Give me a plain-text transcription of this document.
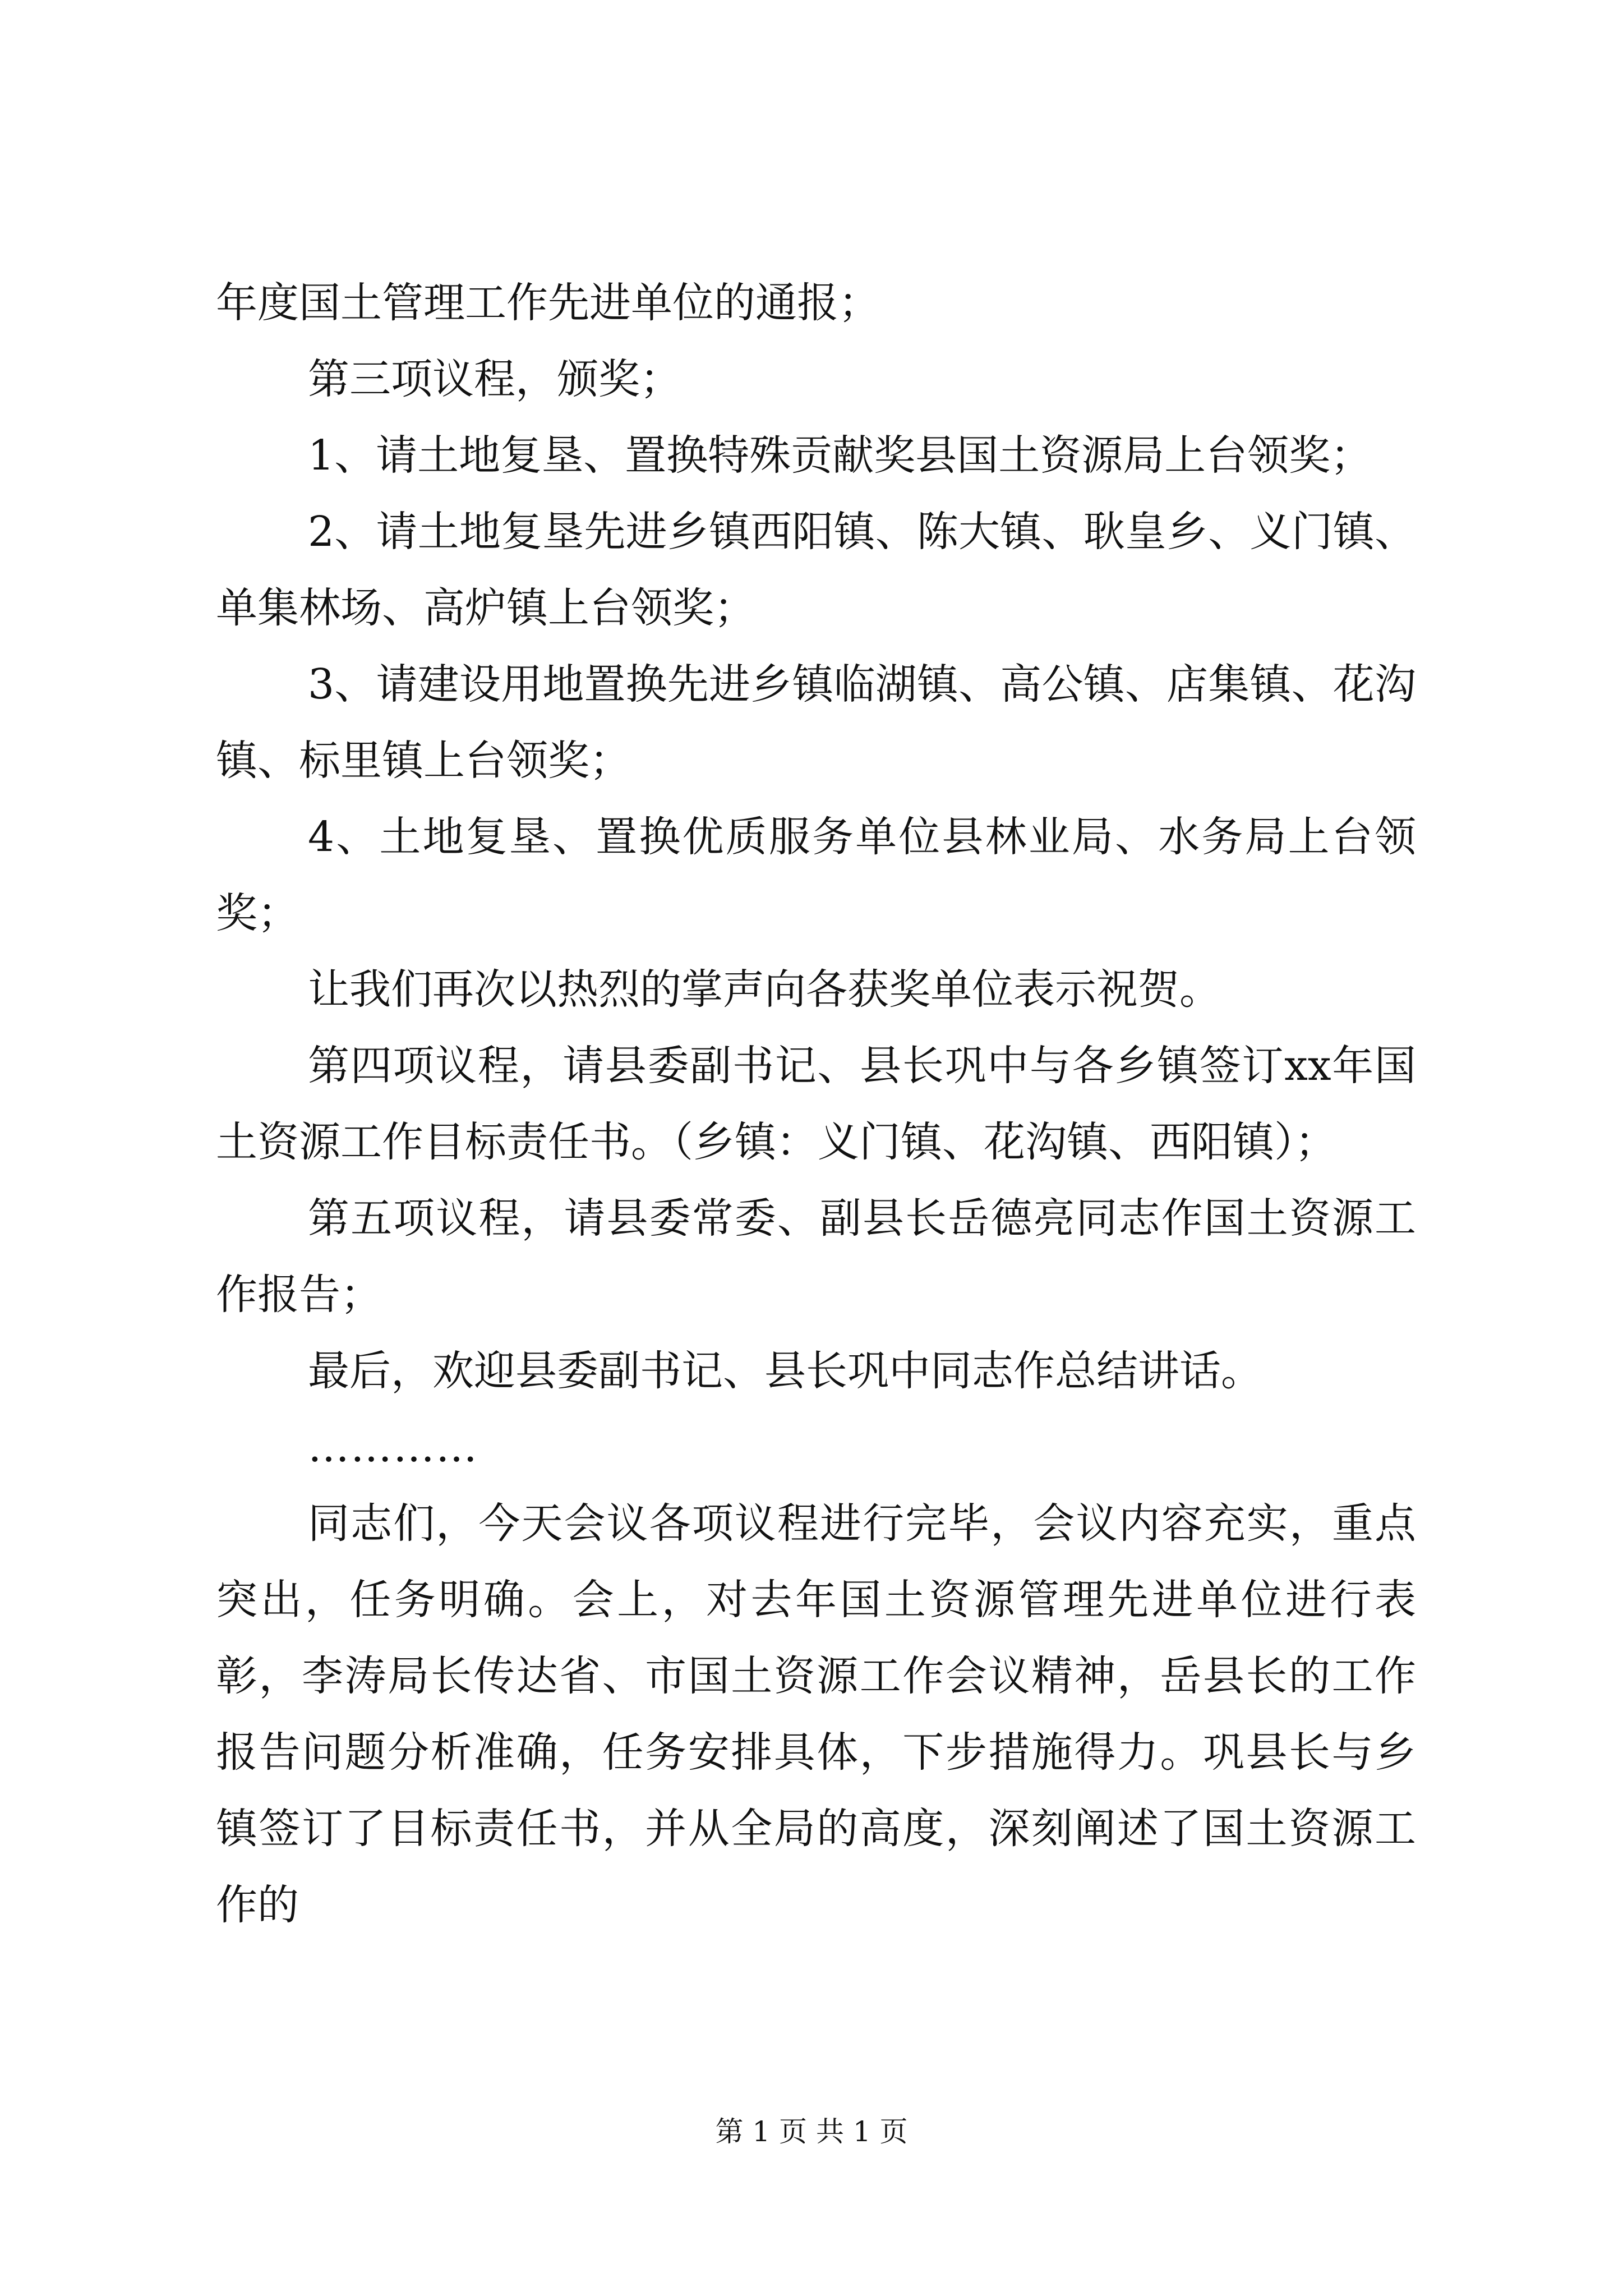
年度国土管理工作先进单位的通报；

第三项议程，颁奖；

1、请土地复垦、置换特殊贡献奖县国土资源局上台领奖；

2、请土地复垦先进乡镇西阳镇、陈大镇、耿皇乡、义门镇、单集林场、高炉镇上台领奖；

3、请建设用地置换先进乡镇临湖镇、高公镇、店集镇、花沟镇、标里镇上台领奖；

4、土地复垦、置换优质服务单位县林业局、水务局上台领奖；

让我们再次以热烈的掌声向各获奖单位表示祝贺。

第四项议程，请县委副书记、县长巩中与各乡镇签订xx年国土资源工作目标责任书。（乡镇：义门镇、花沟镇、西阳镇）；

第五项议程，请县委常委、副县长岳德亮同志作国土资源工作报告；

最后，欢迎县委副书记、县长巩中同志作总结讲话。

…………

同志们，今天会议各项议程进行完毕，会议内容充实，重点突出，任务明确。会上，对去年国土资源管理先进单位进行表彰，李涛局长传达省、市国土资源工作会议精神，岳县长的工作报告问题分析准确，任务安排具体，下步措施得力。巩县长与乡镇签订了目标责任书，并从全局的高度，深刻阐述了国土资源工作的

第 1 页 共 1 页
